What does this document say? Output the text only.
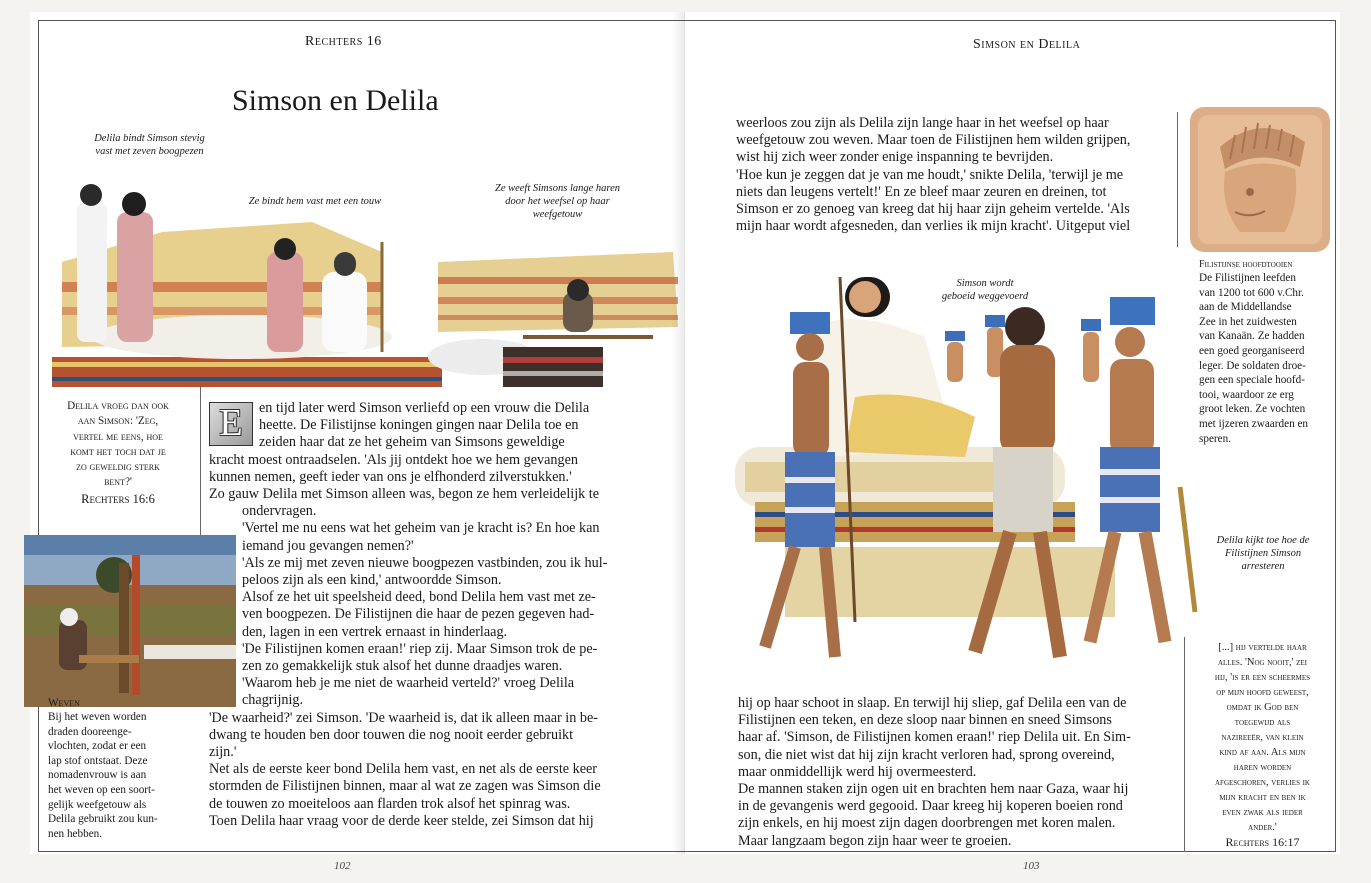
Rechters 16
Simson en Delila
Delila bindt Simson stevig vast met zeven boogpezen
Ze bindt hem vast met een touw
Ze weeft Simsons lange haren door het weefsel op haar weefgetouw
Delila vroeg dan ook
aan Simson: 'Zeg,
vertel me eens, hoe
komt het toch dat je
zo geweldig sterk
bent?'
Rechters 16:6
Weven
Bij het weven worden
draden dooreenge-
vlochten, zodat er een
lap stof ontstaat. Deze
nomadenvrouw is aan
het weven op een soort-
gelijk weefgetouw als
Delila gebruikt zou kun-
nen hebben.
E	en tijd later werd Simson verliefd op een vrouw die Delila

heette. De Filistijnse koningen gingen naar Delila toe en

zeiden haar dat ze het geheim van Simsons geweldige

kracht moest ontraadselen. 'Als jij ontdekt hoe we hem gevangen

kunnen nemen, geeft ieder van ons je elfhonderd zilverstukken.'

Zo gauw Delila met Simson alleen was, begon ze hem verleidelijk te

ondervragen.

'Vertel me nu eens wat het geheim van je kracht is? En hoe kan

iemand jou gevangen nemen?'

'Als ze mij met zeven nieuwe boogpezen vastbinden, zou ik hul-

peloos zijn als een kind,' antwoordde Simson.

Alsof ze het uit speelsheid deed, bond Delila hem vast met ze-

ven boogpezen. De Filistijnen die haar de pezen gegeven had-

den, lagen in een vertrek ernaast in hinderlaag.

'De Filistijnen komen eraan!' riep zij. Maar Simson trok de pe-

zen zo gemakkelijk stuk alsof het dunne draadjes waren.

'Waarom heb je me niet de waarheid verteld?' vroeg Delila

chagrijnig.

'De waarheid?' zei Simson. 'De waarheid is, dat ik alleen maar in be-

dwang te houden ben door touwen die nog nooit eerder gebruikt

zijn.'

Net als de eerste keer bond Delila hem vast, en net als de eerste keer

stormden de Filistijnen binnen, maar al wat ze zagen was Simson die

de touwen zo moeiteloos aan flarden trok alsof het spinrag was.

Toen Delila haar vraag voor de derde keer stelde, zei Simson dat hij

102
Simson en Delila

weerloos zou zijn als Delila zijn lange haar in het weefsel op haar

weefgetouw zou weven. Maar toen de Filistijnen hem wilden grijpen,

wist hij zich weer zonder enige inspanning te bevrijden.

'Hoe kun je zeggen dat je van me houdt,' snikte Delila, 'terwijl je me

niets dan leugens vertelt!' En ze bleef maar zeuren en dreinen, tot

Simson er zo genoeg van kreeg dat hij haar zijn geheim vertelde. 'Als

mijn haar wordt afgesneden, dan verlies ik mijn kracht'. Uitgeput viel

Filistijnse hoofdtooien
De Filistijnen leefden
van 1200 tot 600 v.Chr.
aan de Middellandse
Zee in het zuidwesten
van Kanaän. Ze hadden
een goed georganiseerd
leger. De soldaten droe-
gen een speciale hoofd-
tooi, waardoor ze erg
groot leken. Ze vochten
met ijzeren zwaarden en
speren.
Simson wordt geboeid weggevoerd
Delila kijkt toe hoe de Filistijnen Simson arresteren

hij op haar schoot in slaap. En terwijl hij sliep, gaf Delila een van de

Filistijnen een teken, en deze sloop naar binnen en sneed Simsons

haar af. 'Simson, de Filistijnen komen eraan!' riep Delila uit. En Sim-

son, die niet wist dat hij zijn kracht verloren had, sprong overeind,

maar onmiddellijk werd hij overmeesterd.

De mannen staken zijn ogen uit en brachten hem naar Gaza, waar hij

in de gevangenis werd gegooid. Daar kreeg hij koperen boeien rond

zijn enkels, en hij moest zijn dagen doorbrengen met koren malen.

Maar langzaam begon zijn haar weer te groeien.

[...] hij vertelde haar
alles. 'Nog nooit,' zei
hij, 'is er een scheermes
op mijn hoofd geweest,
omdat ik God ben
toegewijd als
nazireeër, van klein
kind af aan. Als mijn
haren worden
afgeschoren, verlies ik
mijn kracht en ben ik
even zwak als ieder
ander.'
Rechters 16:17
103
